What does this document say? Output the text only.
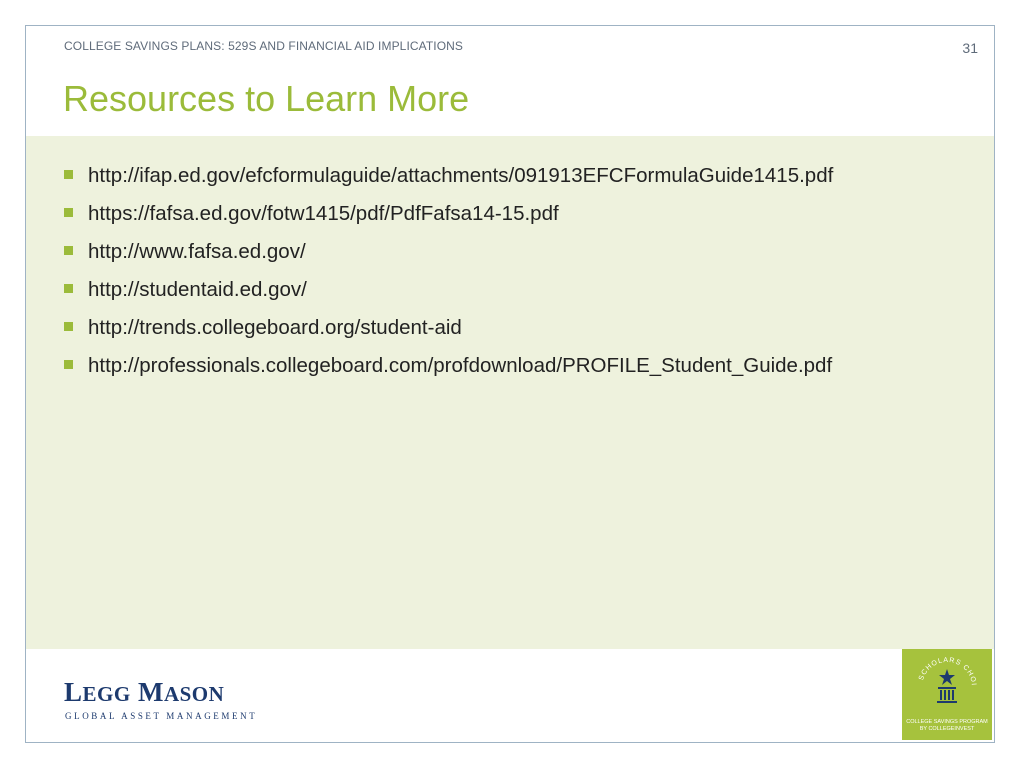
COLLEGE SAVINGS PLANS: 529S AND FINANCIAL AID IMPLICATIONS	31
Resources to Learn More
http://ifap.ed.gov/efcformulaguide/attachments/091913EFCFormulaGuide1415.pdf
https://fafsa.ed.gov/fotw1415/pdf/PdfFafsa14-15.pdf
http://www.fafsa.ed.gov/
http://studentaid.ed.gov/
http://trends.collegeboard.org/student-aid
http://professionals.collegeboard.com/profdownload/PROFILE_Student_Guide.pdf
LEGG MASON
GLOBAL ASSET MANAGEMENT
SCHOLARS CHOI
COLLEGE SAVINGS PROGRAM
BY COLLEGEINVEST
